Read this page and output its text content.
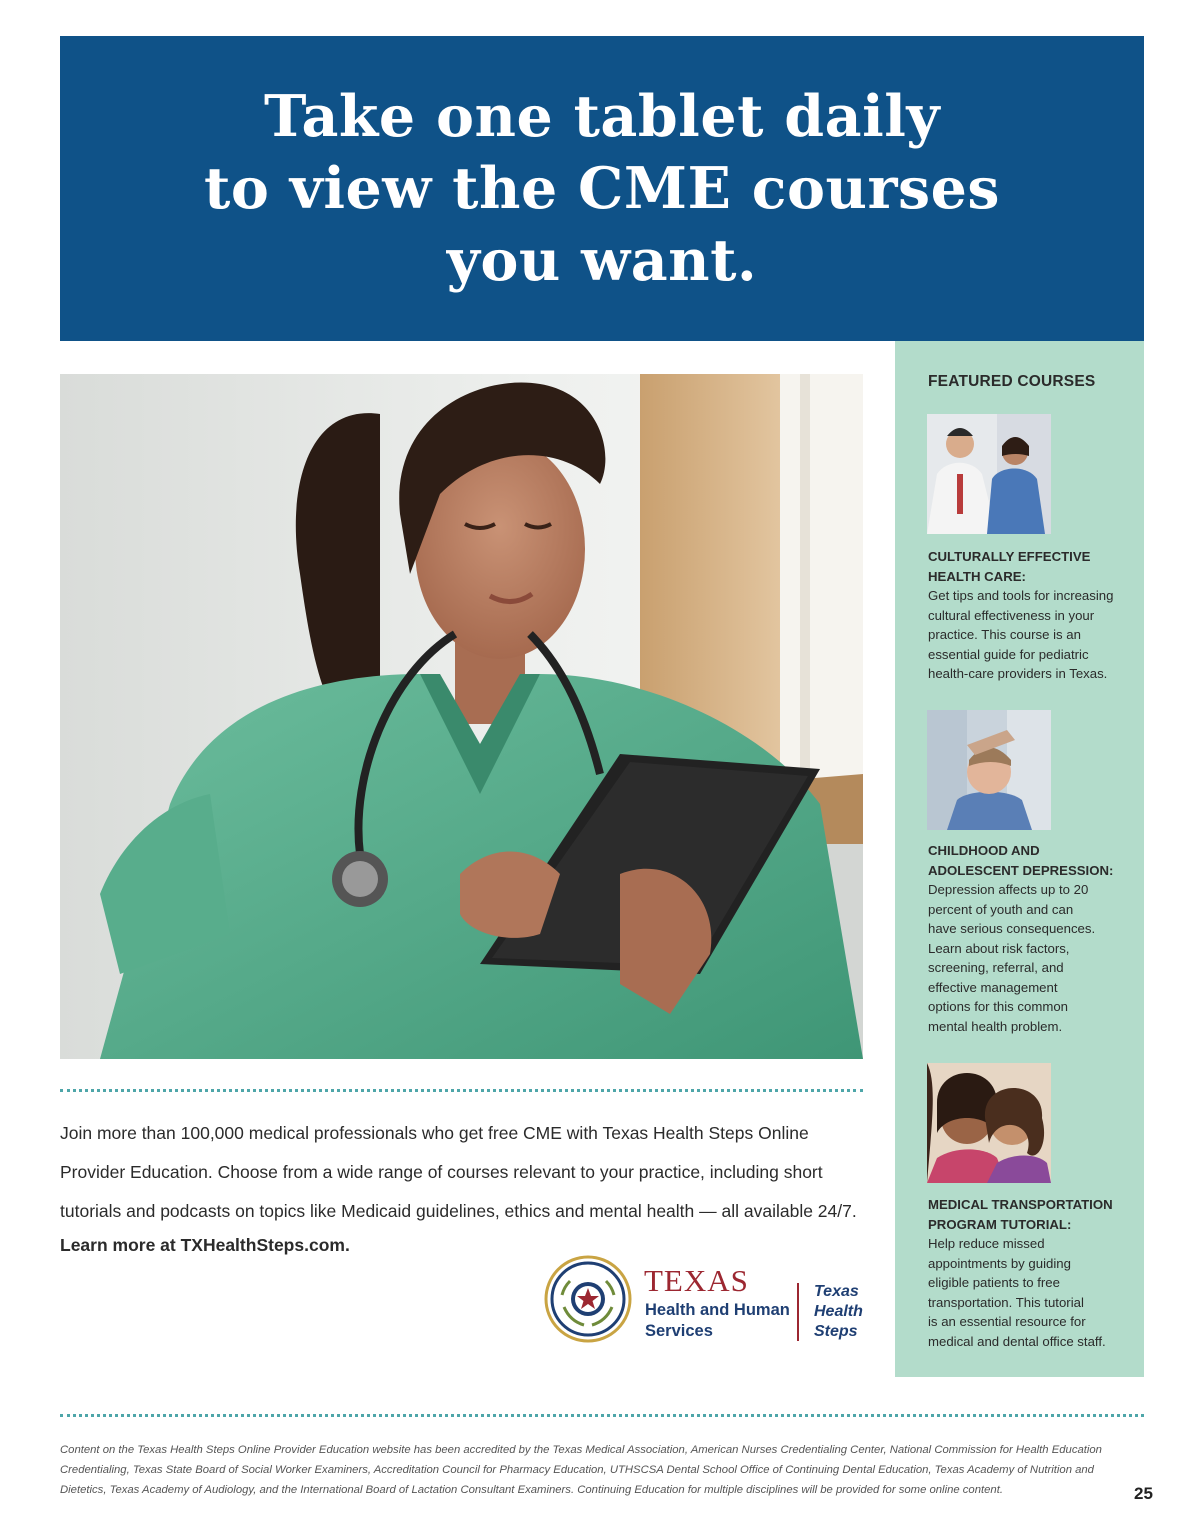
Take one tablet daily
to view the CME courses
you want.
Join more than 100,000 medical professionals who get free CME with Texas Health Steps Online
Provider Education. Choose from a wide range of courses relevant to your practice, including short
tutorials and podcasts on topics like Medicaid guidelines, ethics and mental health — all available 24/7.
Learn more at TXHealthSteps.com.
TEXAS
Health and Human
Services
Texas
Health
Steps
FEATURED COURSES
CULTURALLY EFFECTIVE
HEALTH CARE:
Get tips and tools for increasing
cultural effectiveness in your
practice. This course is an
essential guide for pediatric
health-care providers in Texas.
CHILDHOOD AND
ADOLESCENT DEPRESSION:
Depression affects up to 20
percent of youth and can
have serious consequences.
Learn about risk factors,
screening, referral, and
effective management
options for this common
mental health problem.
MEDICAL TRANSPORTATION
PROGRAM TUTORIAL:
Help reduce missed
appointments by guiding
eligible patients to free
transportation. This tutorial
is an essential resource for
medical and dental office staff.
Content on the Texas Health Steps Online Provider Education website has been accredited by the Texas Medical Association, American Nurses Credentialing Center, National Commission for Health Education
Credentialing, Texas State Board of Social Worker Examiners, Accreditation Council for Pharmacy Education, UTHSCSA Dental School Office of Continuing Dental Education, Texas Academy of Nutrition and
Dietetics, Texas Academy of Audiology, and the International Board of Lactation Consultant Examiners. Continuing Education for multiple disciplines will be provided for some online content.	25
